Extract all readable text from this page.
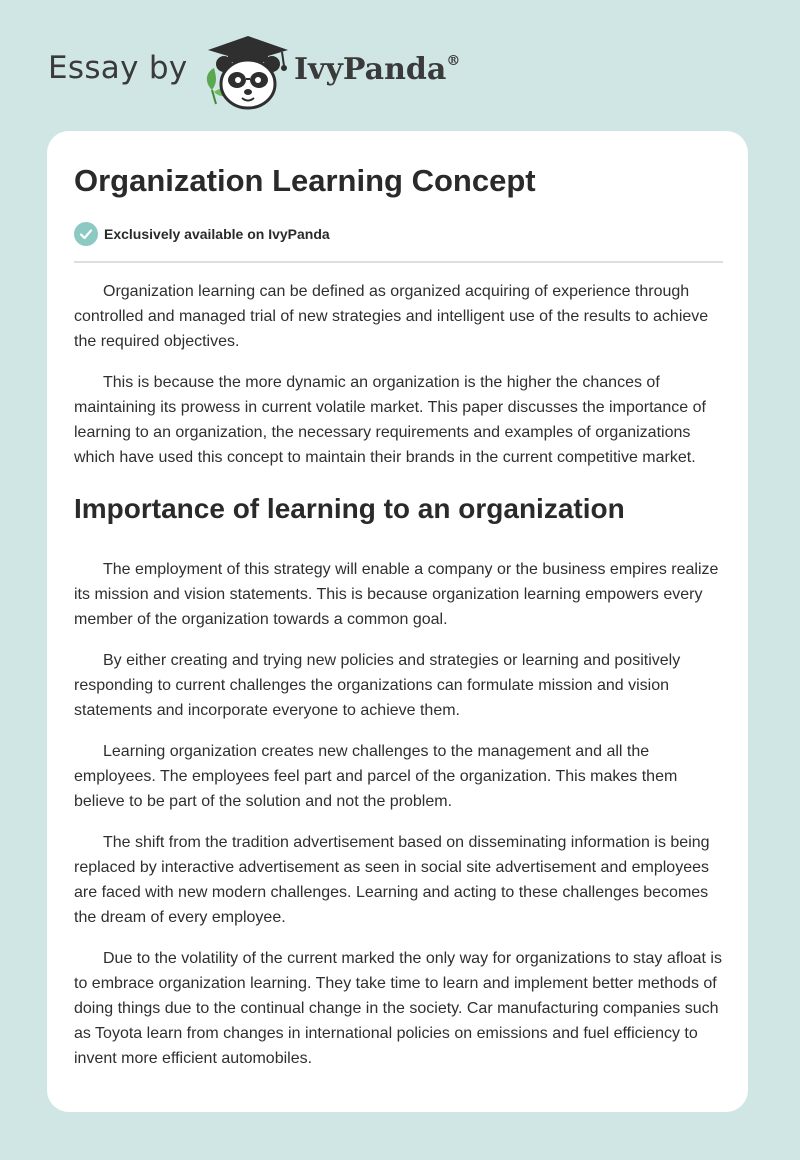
Essay by	IvyPanda®
Organization Learning Concept
Exclusively available on IvyPanda

Organization learning can be defined as organized acquiring of experience through controlled and managed trial of new strategies and intelligent use of the results to achieve the required objectives.

This is because the more dynamic an organization is the higher the chances of maintaining its prowess in current volatile market. This paper discusses the importance of learning to an organization, the necessary requirements and examples of organizations which have used this concept to maintain their brands in the current competitive market.

Importance of learning to an organization

The employment of this strategy will enable a company or the business empires realize its mission and vision statements. This is because organization learning empowers every member of the organization towards a common goal.

By either creating and trying new policies and strategies or learning and positively responding to current challenges the organizations can formulate mission and vision statements and incorporate everyone to achieve them.

Learning organization creates new challenges to the management and all the employees. The employees feel part and parcel of the organization. This makes them believe to be part of the solution and not the problem.

The shift from the tradition advertisement based on disseminating information is being replaced by interactive advertisement as seen in social site advertisement and employees are faced with new modern challenges. Learning and acting to these challenges becomes the dream of every employee.

Due to the volatility of the current marked the only way for organizations to stay afloat is to embrace organization learning. They take time to learn and implement better methods of doing things due to the continual change in the society. Car manufacturing companies such as Toyota learn from changes in international policies on emissions and fuel efficiency to invent more efficient automobiles.
